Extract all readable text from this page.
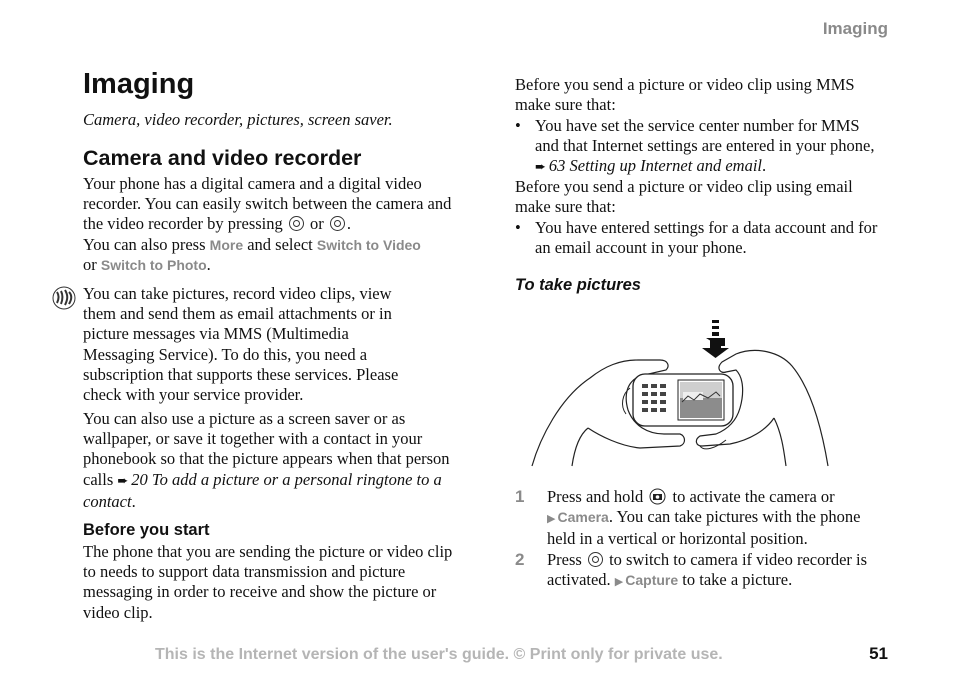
Imaging
Imaging
Camera, video recorder, pictures, screen saver.
Camera and video recorder
Your phone has a digital camera and a digital video recorder. You can easily switch between the camera and the video recorder by pressing or .
You can also press More and select Switch to Video
or Switch to Photo.
You can take pictures, record video clips, view them and send them as email attachments or in picture messages via MMS (Multimedia Messaging Service). To do this, you need a subscription that supports these services. Please check with your service provider.
You can also use a picture as a screen saver or as wallpaper, or save it together with a contact in your phonebook so that the picture appears when that person calls ➨ 20 To add a picture or a personal ringtone to a contact.
Before you start
The phone that you are sending the picture or video clip to needs to support data transmission and picture messaging in order to receive and show the picture or video clip.
Before you send a picture or video clip using MMS make sure that:
• You have set the service center number for MMS and that Internet settings are entered in your phone, ➨ 63 Setting up Internet and email.
Before you send a picture or video clip using email make sure that:
• You have entered settings for a data account and for an email account in your phone.
To take pictures
1 Press and hold to activate the camera or ▶ Camera. You can take pictures with the phone held in a vertical or horizontal position.
2 Press to switch to camera if video recorder is activated. ▶ Capture to take a picture.
This is the Internet version of the user's guide. © Print only for private use.	51
